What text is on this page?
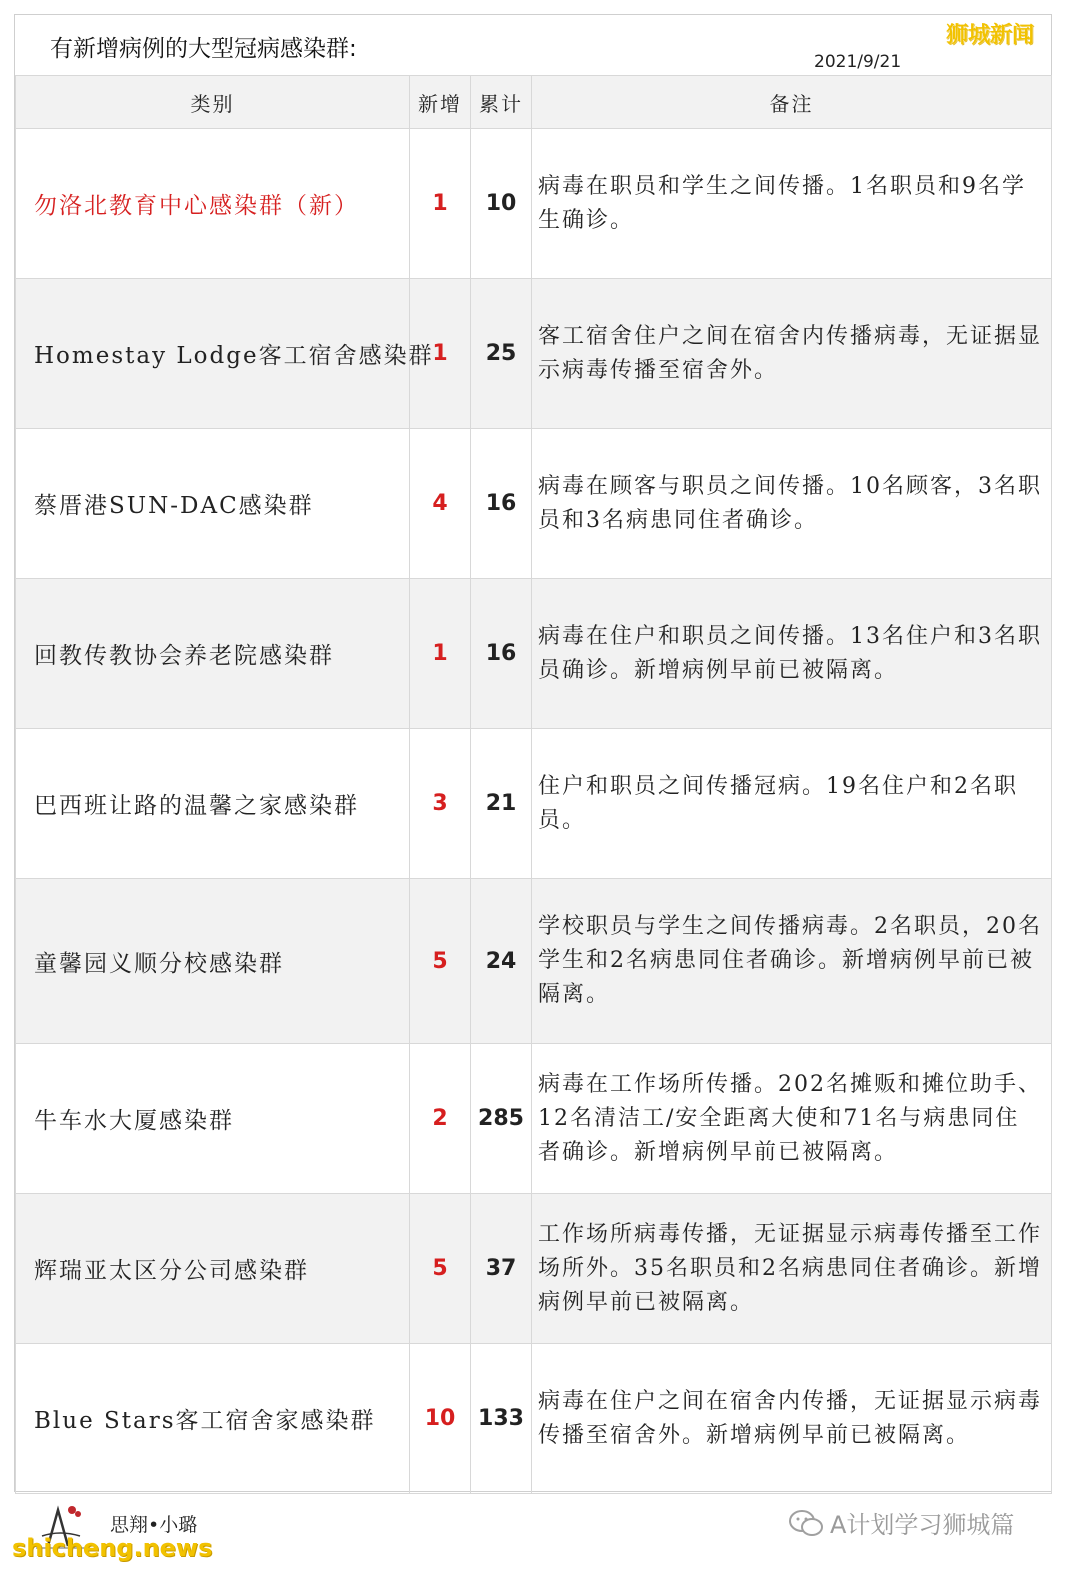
有新增病例的大型冠病感染群:
狮城新闻
2021/9/21
类别	新增	累计	备注
勿洛北教育中心感染群（新）	1	10	病毒在职员和学生之间传播。1名职员和9名学生确诊。
Homestay Lodge客工宿舍感染群	1	25	客工宿舍住户之间在宿舍内传播病毒，无证据显示病毒传播至宿舍外。
蔡厝港SUN-DAC感染群	4	16	病毒在顾客与职员之间传播。10名顾客，3名职员和3名病患同住者确诊。
回教传教协会养老院感染群	1	16	病毒在住户和职员之间传播。13名住户和3名职员确诊。新增病例早前已被隔离。
巴西班让路的温馨之家感染群	3	21	住户和职员之间传播冠病。19名住户和2名职员。
童馨园义顺分校感染群	5	24	学校职员与学生之间传播病毒。2名职员，20名学生和2名病患同住者确诊。新增病例早前已被隔离。
牛车水大厦感染群	2	285	病毒在工作场所传播。202名摊贩和摊位助手、12名清洁工/安全距离大使和71名与病患同住者确诊。新增病例早前已被隔离。
辉瑞亚太区分公司感染群	5	37	工作场所病毒传播，无证据显示病毒传播至工作场所外。35名职员和2名病患同住者确诊。新增病例早前已被隔离。
Blue Stars客工宿舍家感染群	10	133	病毒在住户之间在宿舍内传播，无证据显示病毒传播至宿舍外。新增病例早前已被隔离。
思翔•小璐	A计划学习狮城篇
shicheng.news
